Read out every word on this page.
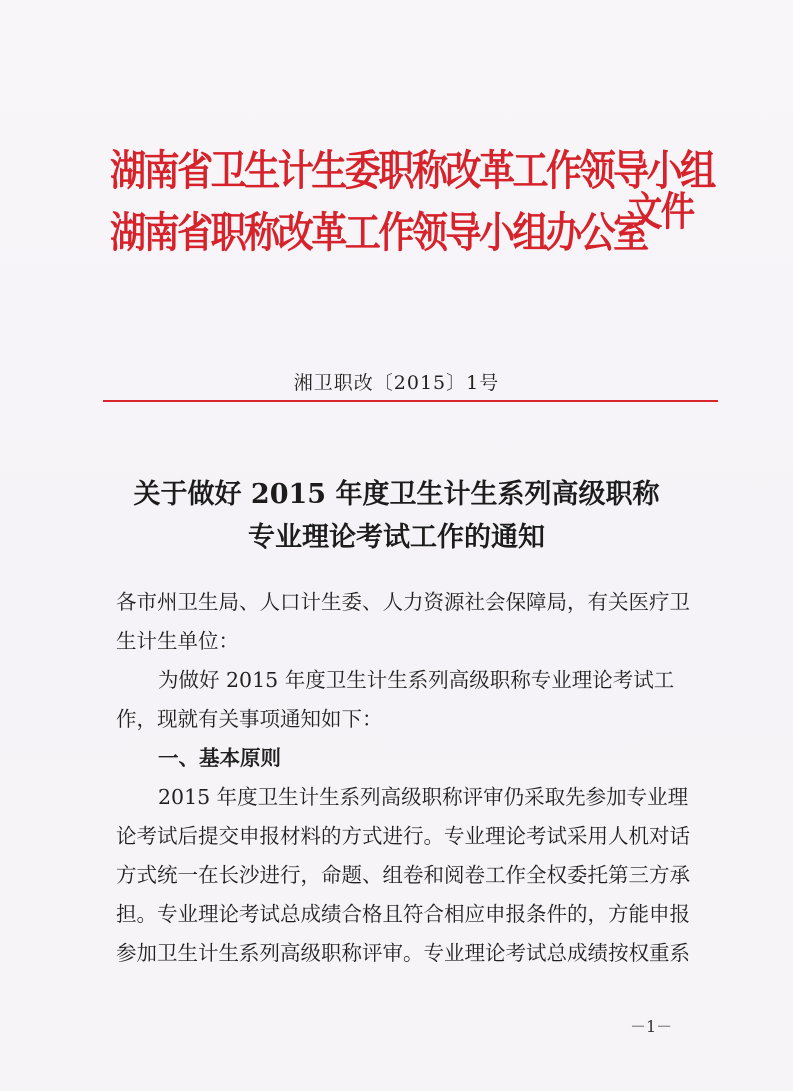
湖南省卫生计生委职称改革工作领导小组
湖南省职称改革工作领导小组办公室
文件
湘卫职改〔2015〕1号
关于做好 2015 年度卫生计生系列高级职称
专业理论考试工作的通知
各市州卫生局、人口计生委、人力资源社会保障局，有关医疗卫
生计生单位：
为做好 2015 年度卫生计生系列高级职称专业理论考试工
作，现就有关事项通知如下：
一、基本原则
2015 年度卫生计生系列高级职称评审仍采取先参加专业理
论考试后提交申报材料的方式进行。专业理论考试采用人机对话
方式统一在长沙进行，命题、组卷和阅卷工作全权委托第三方承
担。专业理论考试总成绩合格且符合相应申报条件的，方能申报
参加卫生计生系列高级职称评审。专业理论考试总成绩按权重系
－1－
